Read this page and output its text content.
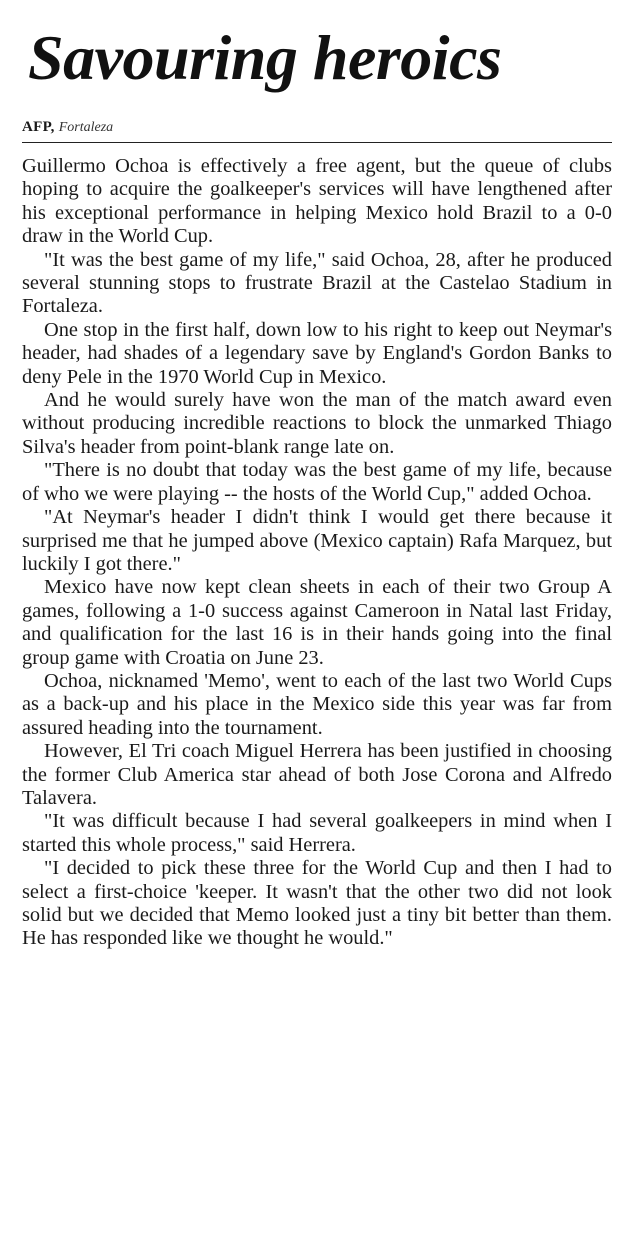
Savouring heroics
AFP, Fortaleza

Guillermo Ochoa is effectively a free agent, but the queue of clubs hoping to acquire the goalkeeper's services will have lengthened after his exceptional performance in helping Mexico hold Brazil to a 0-0 draw in the World Cup.

"It was the best game of my life," said Ochoa, 28, after he produced several stunning stops to frustrate Brazil at the Castelao Stadium in Fortaleza.

One stop in the first half, down low to his right to keep out Neymar's header, had shades of a legendary save by England's Gordon Banks to deny Pele in the 1970 World Cup in Mexico.

And he would surely have won the man of the match award even without producing incredible reactions to block the unmarked Thiago Silva's header from point-blank range late on.

"There is no doubt that today was the best game of my life, because of who we were playing -- the hosts of the World Cup," added Ochoa.

"At Neymar's header I didn't think I would get there because it surprised me that he jumped above (Mexico captain) Rafa Marquez, but luckily I got there."

Mexico have now kept clean sheets in each of their two Group A games, following a 1-0 success against Cameroon in Natal last Friday, and qualification for the last 16 is in their hands going into the final group game with Croatia on June 23.

Ochoa, nicknamed 'Memo', went to each of the last two World Cups as a back-up and his place in the Mexico side this year was far from assured heading into the tournament.

However, El Tri coach Miguel Herrera has been justified in choosing the former Club America star ahead of both Jose Corona and Alfredo Talavera.

"It was difficult because I had several goalkeepers in mind when I started this whole process," said Herrera.

"I decided to pick these three for the World Cup and then I had to select a first-choice 'keeper. It wasn't that the other two did not look solid but we decided that Memo looked just a tiny bit better than them. He has responded like we thought he would."
